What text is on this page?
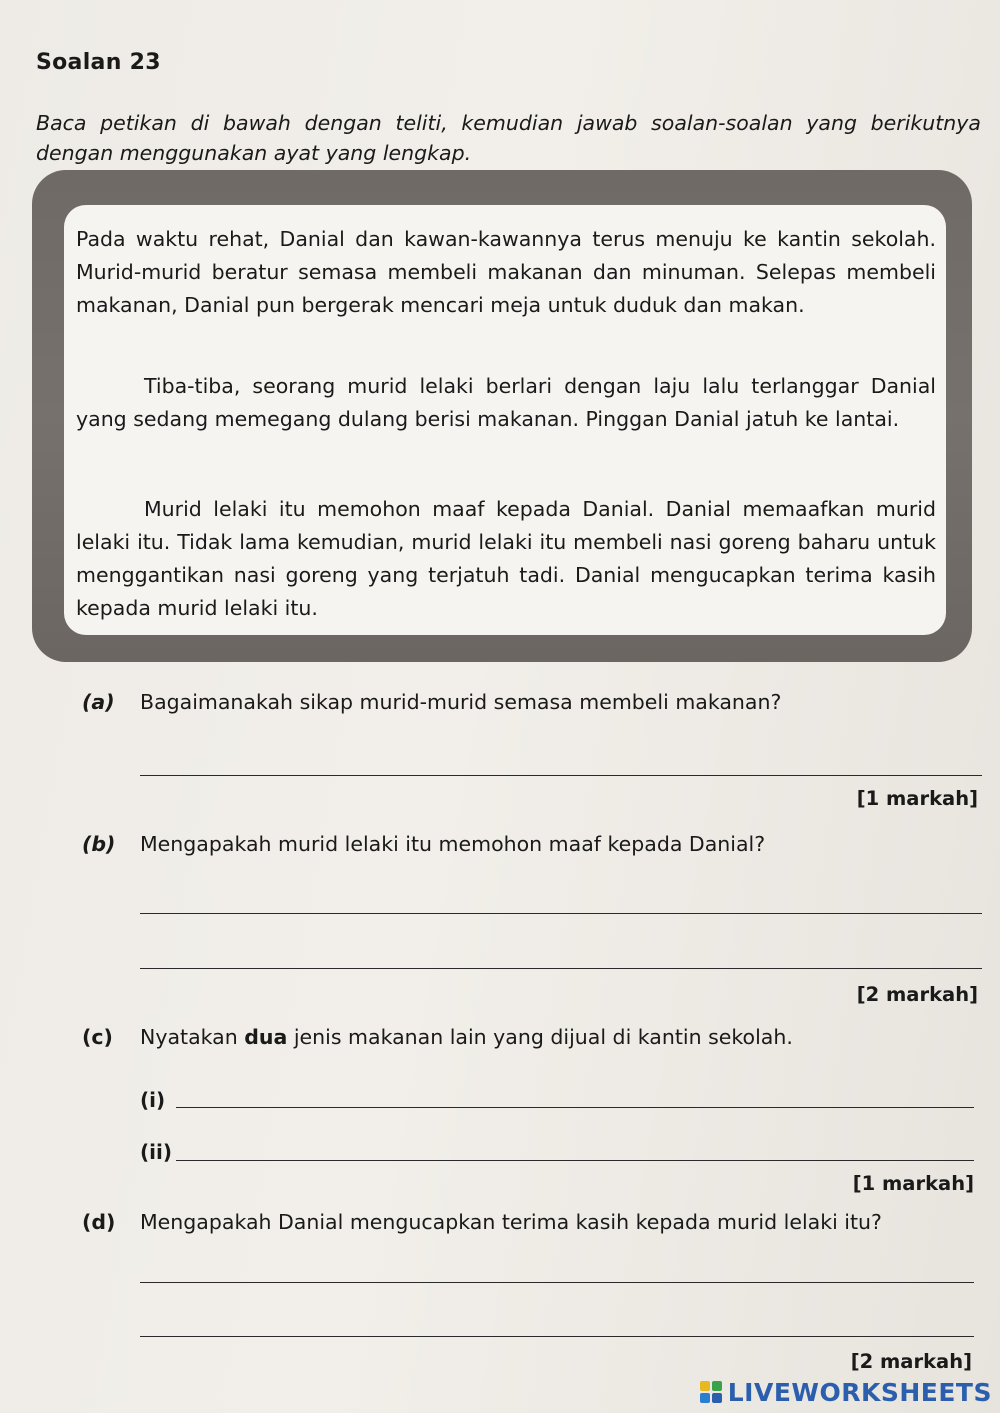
Soalan 23
Baca petikan di bawah dengan teliti, kemudian jawab soalan-soalan yang berikutnya dengan menggunakan ayat yang lengkap.

Pada waktu rehat, Danial dan kawan-kawannya terus menuju ke kantin sekolah. Murid-murid beratur semasa membeli makanan dan minuman. Selepas membeli makanan, Danial pun bergerak mencari meja untuk duduk dan makan.

Tiba-tiba, seorang murid lelaki berlari dengan laju lalu terlanggar Danial yang sedang memegang dulang berisi makanan. Pinggan Danial jatuh ke lantai.

Murid lelaki itu memohon maaf kepada Danial. Danial memaafkan murid lelaki itu. Tidak lama kemudian, murid lelaki itu membeli nasi goreng baharu untuk menggantikan nasi goreng yang terjatuh tadi. Danial mengucapkan terima kasih kepada murid lelaki itu.

(a) Bagaimanakah sikap murid-murid semasa membeli makanan?
[1 markah]
(b) Mengapakah murid lelaki itu memohon maaf kepada Danial?
[2 markah]
(c) Nyatakan dua jenis makanan lain yang dijual di kantin sekolah.
(i)
(ii)
[1 markah]
(d) Mengapakah Danial mengucapkan terima kasih kepada murid lelaki itu?
[2 markah]
LIVEWORKSHEETS
